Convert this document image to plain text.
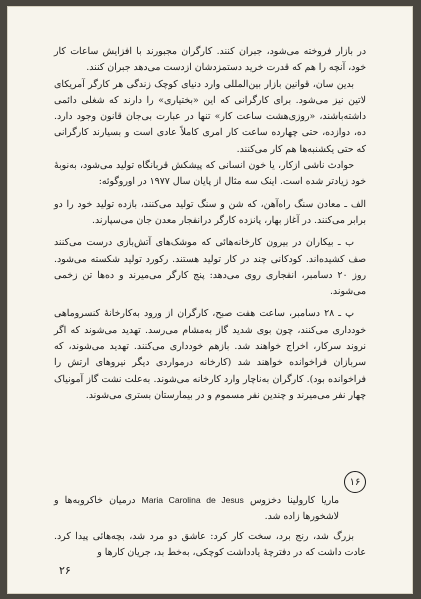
در بازار فروخته می‌شود، جبران کنند. کارگران مجبورند با افزایش ساعات کار خود، آنچه را هم که قدرت خرید دستمزدشان ازدست می‌دهد جبران کنند.

بدین سان، قوانین بازار بین‌المللی وارد دنیای کوچک زندگی هر کارگر آمریکای لاتین نیز می‌شود. برای کارگرانی که این «بختیاری» را دارند که شغلی دائمی داشته‌باشند، «روزی‌هشت ساعت کار» تنها در عبارت بی‌جان قانون وجود دارد. ده، دوازده، حتی چهارده ساعت کار امری کاملاً عادی است و بسیارند کارگرانی که حتی یکشنبه‌ها هم کار می‌کنند.

حوادث ناشی ازکار، یا خون انسانی که پیشکش قربانگاه تولید می‌شود، به‌نوبهٔ خود زیادتر شده است. اینک سه مثال از پایان سال ۱۹۷۷ در اوروگوئه:

الف ـ معادن سنگ راه‌آهن، که شن و سنگ تولید می‌کنند، بازده تولید خود را دو برابر می‌کنند. در آغاز بهار، پانزده کارگر درانفجار معدن جان می‌سپارند.

ب ـ بیکاران در بیرون کارخانه‌هائی که موشک‌های آتش‌بازی درست می‌کنند صف کشیده‌اند. کودکانی چند در کار تولید هستند. رکورد تولید شکسته می‌شود. روز ۲۰ دسامبر، انفجاری روی می‌دهد: پنج کارگر می‌میرند و ده‌ها تن زخمی می‌شوند.

پ ـ ۲۸ دسامبر، ساعت هفت صبح، کارگران از ورود به‌کارخانهٔ کنسروماهی خودداری می‌کنند، چون بوی شدید گاز به‌مشام می‌رسد. تهدید می‌شوند که اگر نروند سرکار، اخراج خواهند شد. بازهم خودداری می‌کنند. تهدید می‌شوند، که سربازان فراخوانده خواهند شد (کارخانه درمواردی دیگر نیروهای ارتش را فراخوانده بود). کارگران به‌ناچار وارد کارخانه می‌شوند. به‌علت نشت گاز آمونیاک چهار نفر می‌میرند و چندین نفر مسموم و در بیمارستان بستری می‌شوند.

۱۶

ماریا کارولینا دخزوس Maria Carolina de Jesus درمیان خاکروبه‌ها و لاشخورها زاده شد.

بزرگ شد، رنج برد، سخت کار کرد: عاشق دو مرد شد، بچه‌هائی پیدا کرد. عادت داشت که در دفترچهٔ یادداشت کوچکی، به‌خط بد، جریان کارها و

۲۶
